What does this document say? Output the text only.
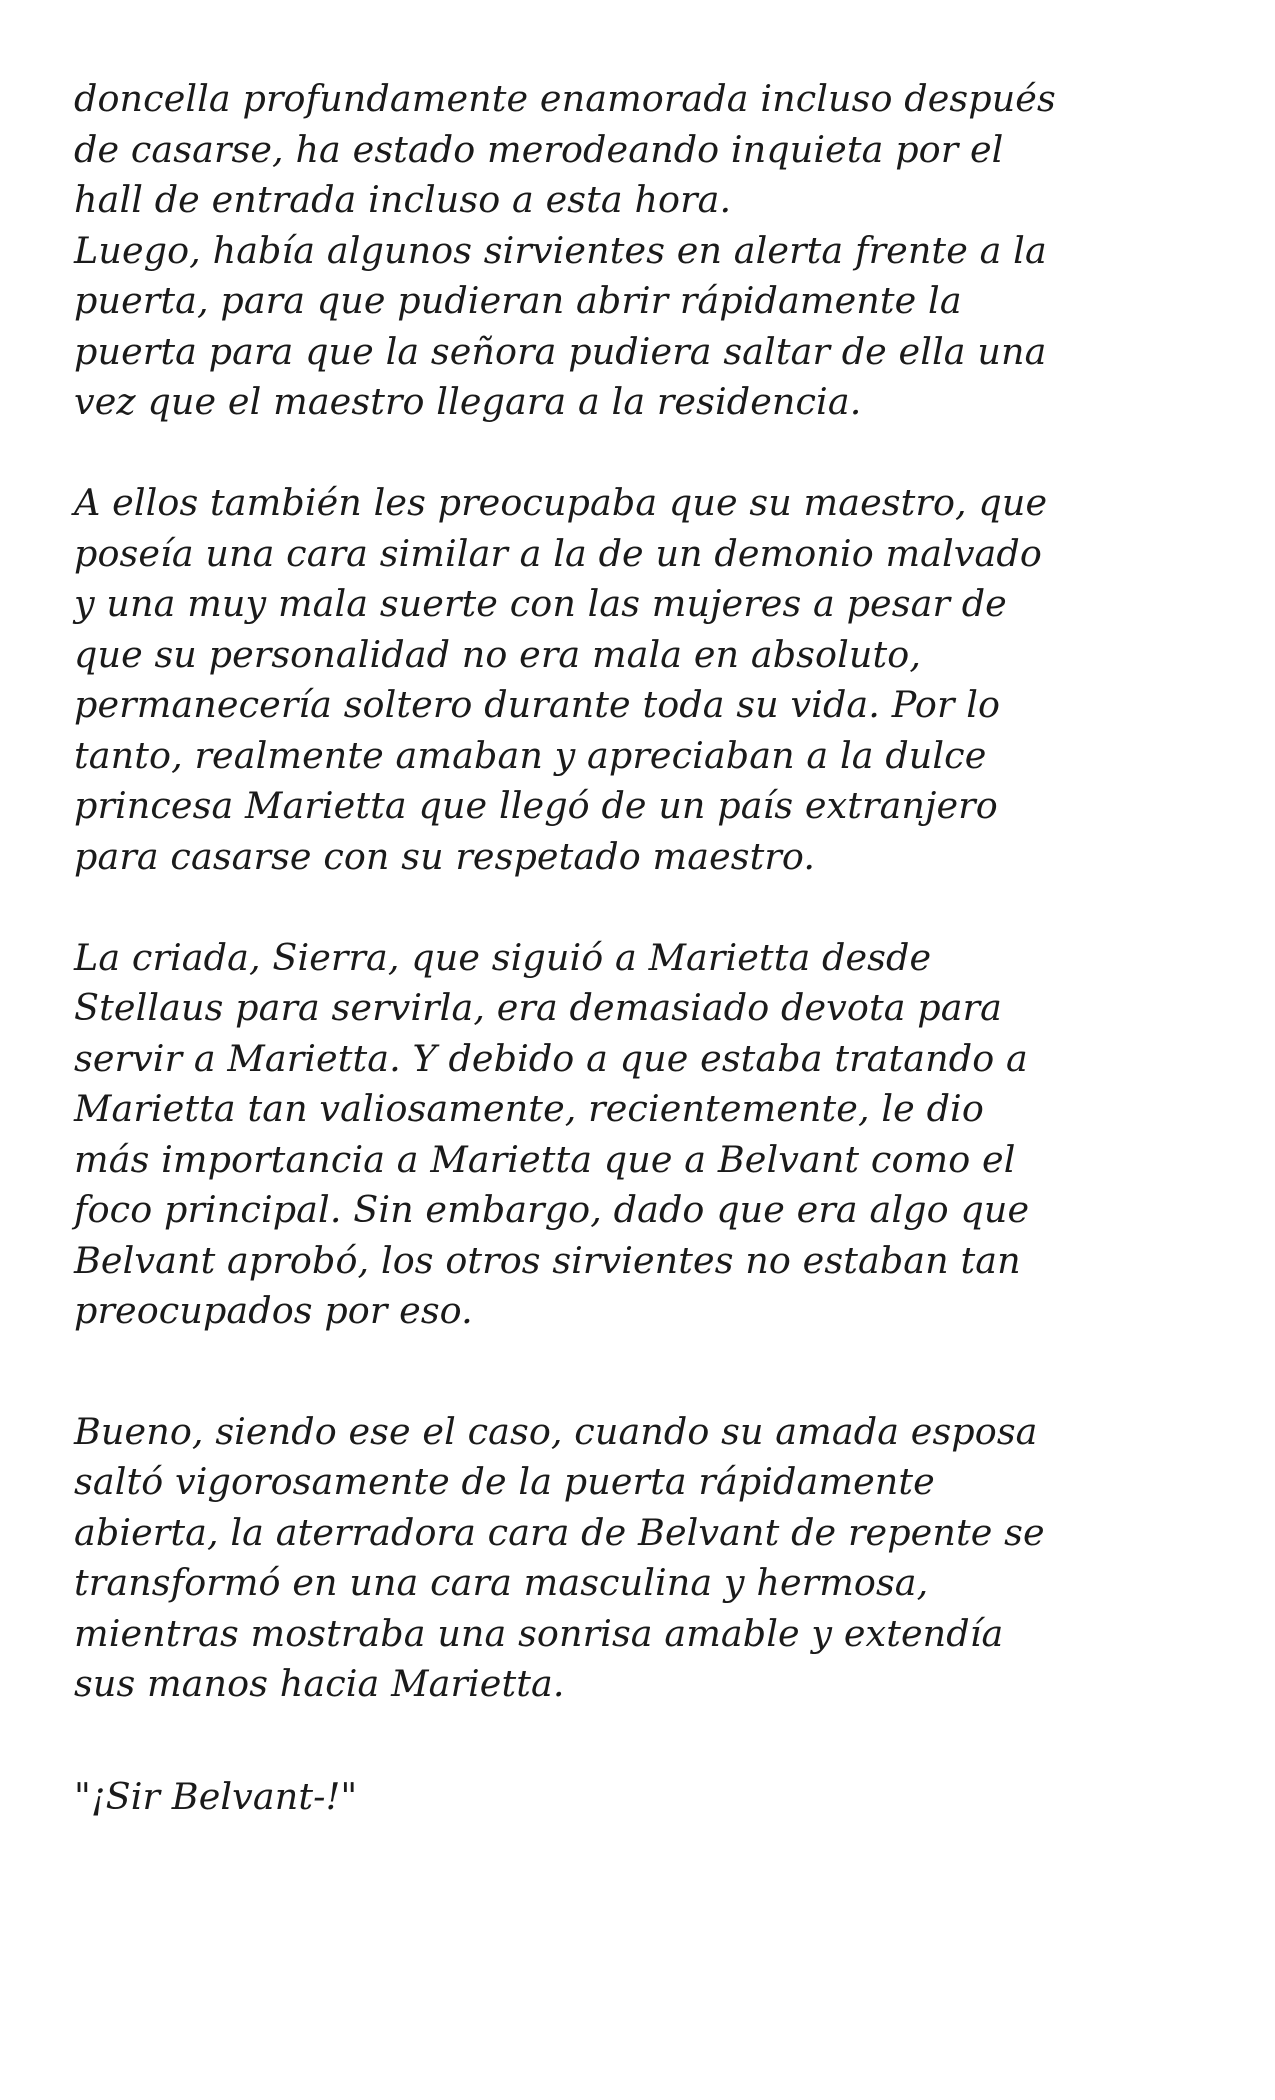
doncella profundamente enamorada incluso después
de casarse, ha estado merodeando inquieta por el
hall de entrada incluso a esta hora.
Luego, había algunos sirvientes en alerta frente a la
puerta, para que pudieran abrir rápidamente la
puerta para que la señora pudiera saltar de ella una
vez que el maestro llegara a la residencia.
A ellos también les preocupaba que su maestro, que
poseía una cara similar a la de un demonio malvado
y una muy mala suerte con las mujeres a pesar de
que su personalidad no era mala en absoluto,
permanecería soltero durante toda su vida. Por lo
tanto, realmente amaban y apreciaban a la dulce
princesa Marietta que llegó de un país extranjero
para casarse con su respetado maestro.
La criada, Sierra, que siguió a Marietta desde
Stellaus para servirla, era demasiado devota para
servir a Marietta. Y debido a que estaba tratando a
Marietta tan valiosamente, recientemente, le dio
más importancia a Marietta que a Belvant como el
foco principal. Sin embargo, dado que era algo que
Belvant aprobó, los otros sirvientes no estaban tan
preocupados por eso.
Bueno, siendo ese el caso, cuando su amada esposa
saltó vigorosamente de la puerta rápidamente
abierta, la aterradora cara de Belvant de repente se
transformó en una cara masculina y hermosa,
mientras mostraba una sonrisa amable y extendía
sus manos hacia Marietta.
"¡Sir Belvant-!"
